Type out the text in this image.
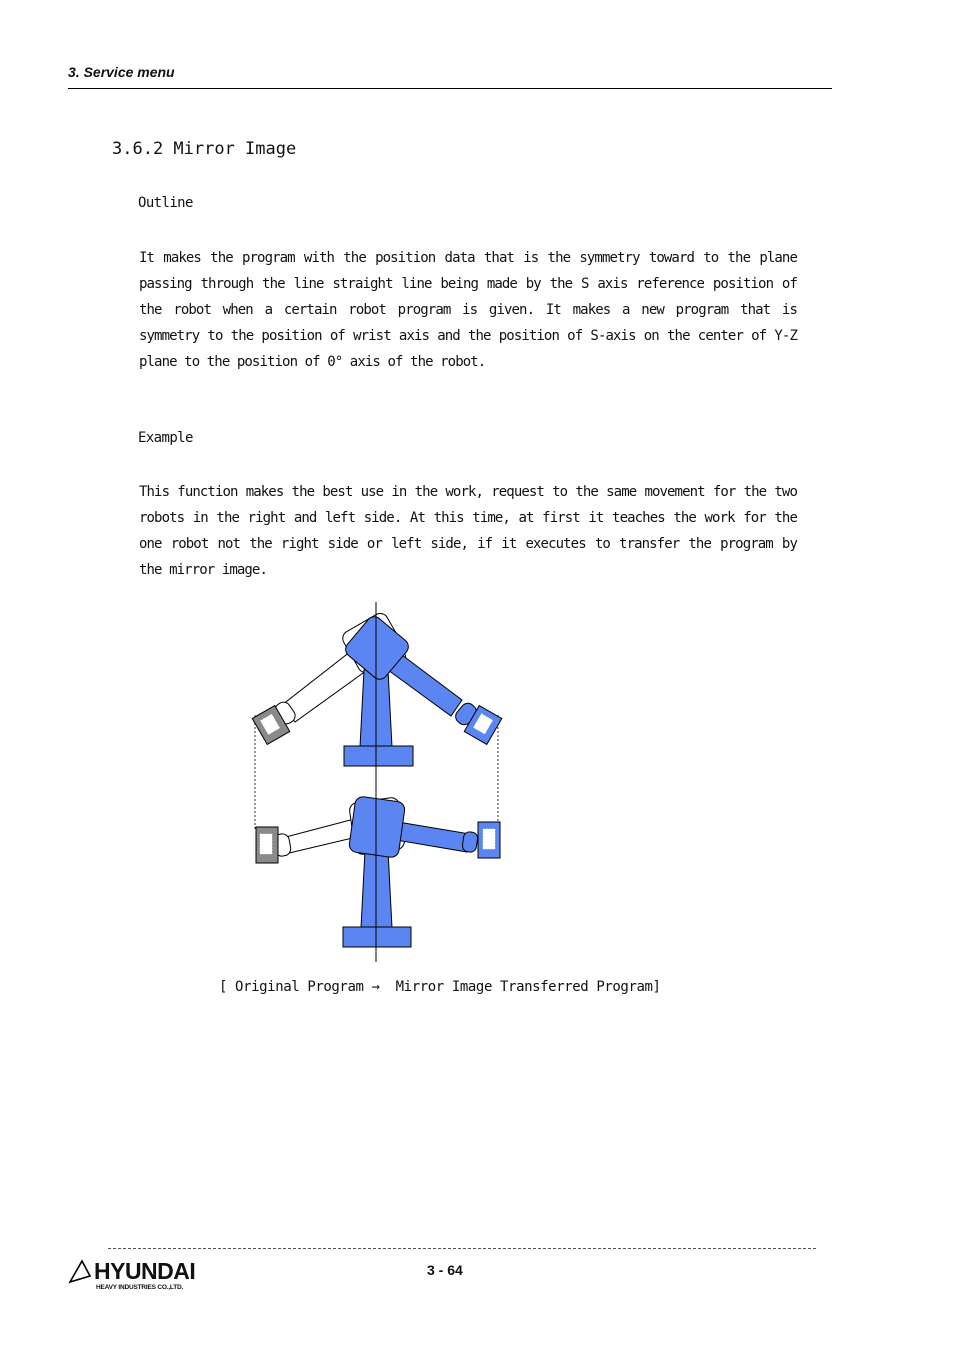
3. Service menu
3.6.2 Mirror Image
Outline

It makes the program with the position data that is the symmetry toward to the plane passing through the line straight line being made by the S axis reference position of the robot when a certain robot program is given. It makes a new program that is symmetry to the position of wrist axis and the position of S-axis on the center of Y-Z plane to the position of 0° axis of the robot.

Example

This function makes the best use in the work, request to the same movement for the two robots in the right and left side. At this time, at first it teaches the work for the one robot not the right side or left side, if it executes to transfer the program by the mirror image.

[ Original Program →  Mirror Image Transferred Program]
HYUNDAI
HEAVY INDUSTRIES CO.,LTD.
3 - 64
